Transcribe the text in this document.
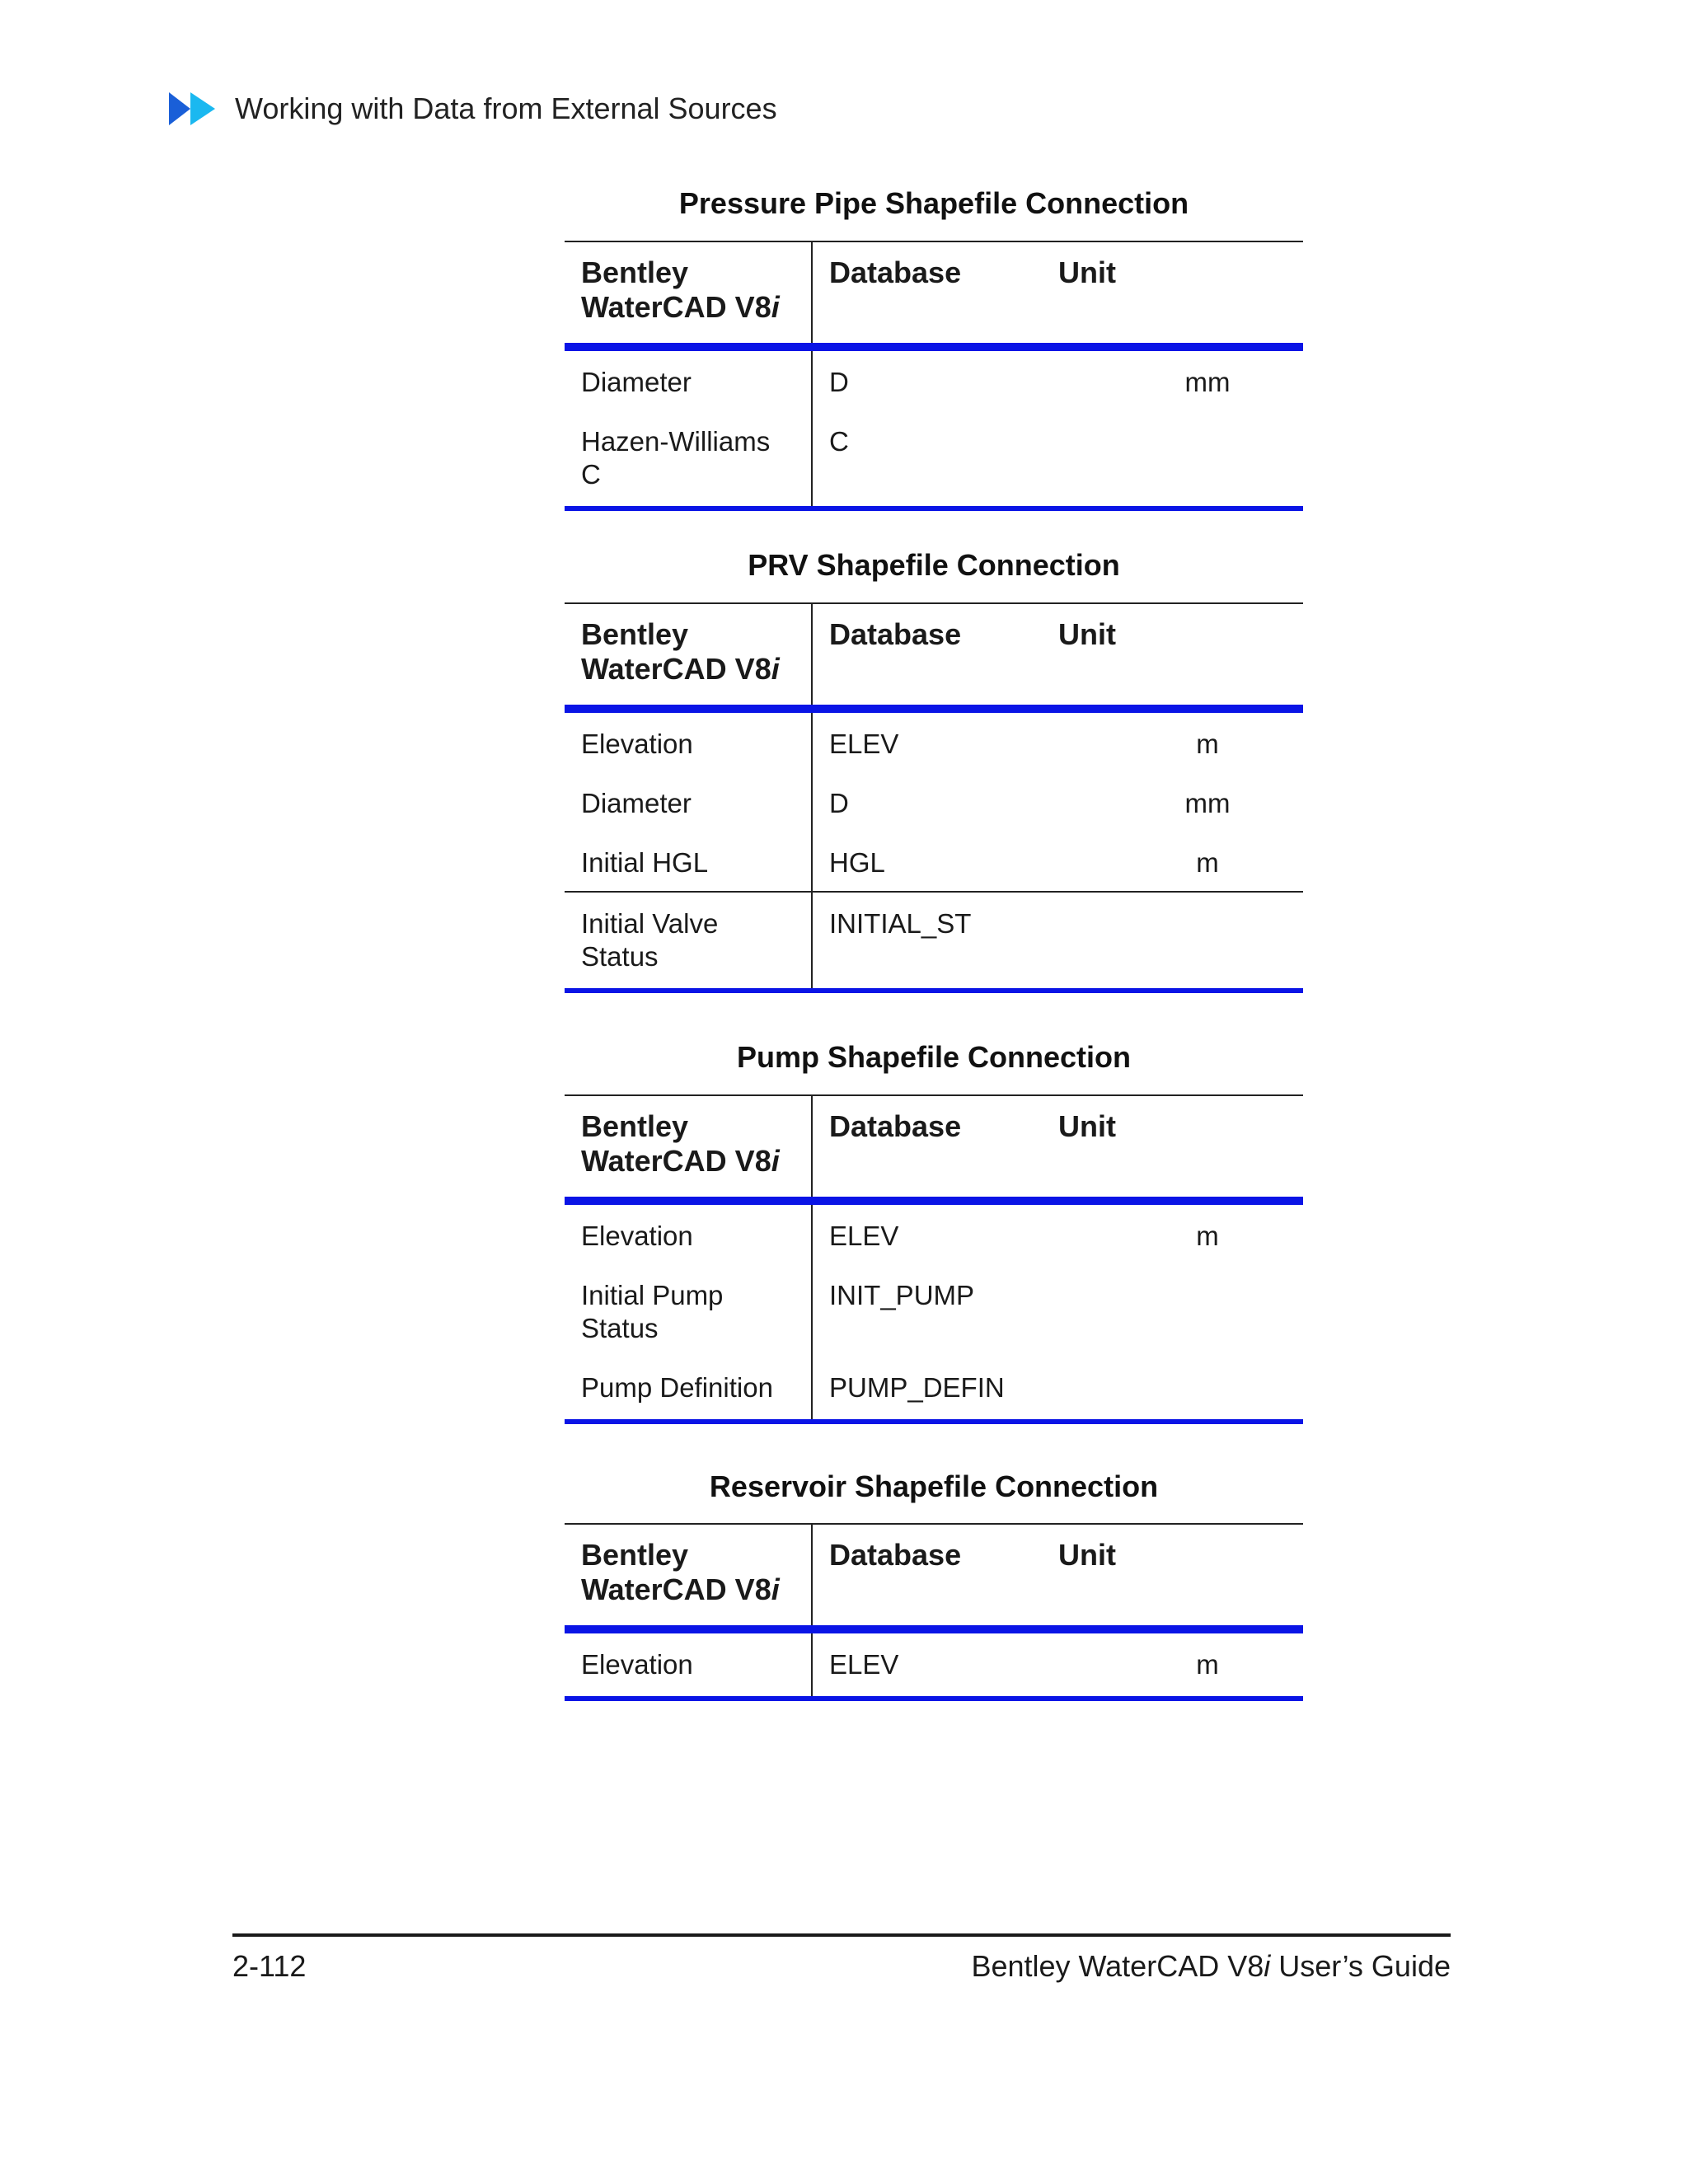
Working with Data from External Sources
Pressure Pipe Shapefile Connection
Bentley
WaterCAD V8i	Database	Unit
Diameter	D	mm
Hazen-Williams C	C	
PRV Shapefile Connection
Bentley
WaterCAD V8i	Database	Unit
Elevation	ELEV	m
Diameter	D	mm
Initial HGL	HGL	m
Initial Valve Status	INITIAL_ST	
Pump Shapefile Connection
Bentley
WaterCAD V8i	Database	Unit
Elevation	ELEV	m
Initial Pump Status	INIT_PUMP	
Pump Definition	PUMP_DEFIN	
Reservoir Shapefile Connection
Bentley
WaterCAD V8i	Database	Unit
Elevation	ELEV	m
2-112	Bentley WaterCAD V8i User’s Guide
